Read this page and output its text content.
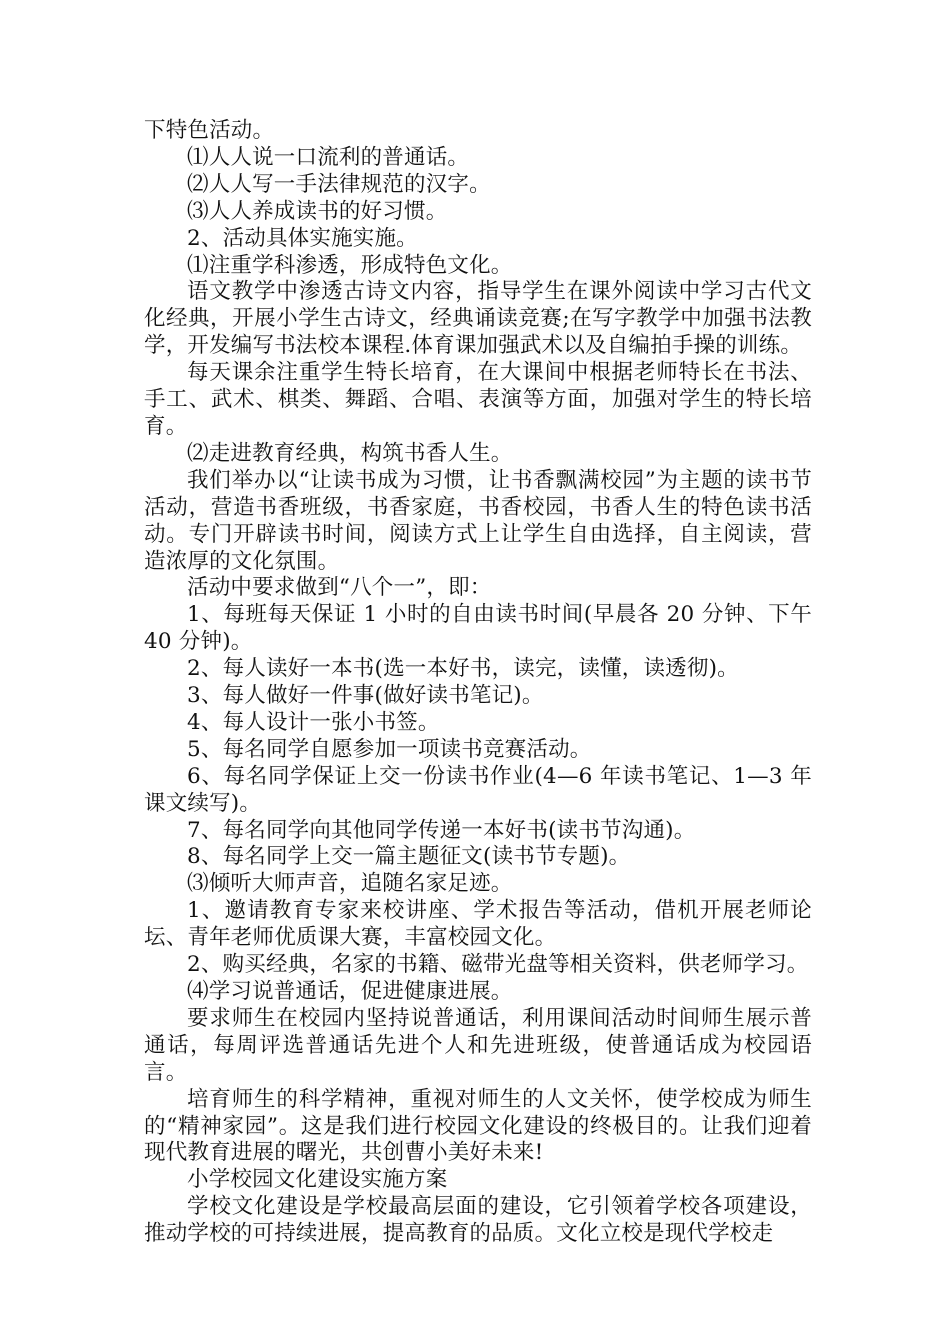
下特色活动。

⑴人人说一口流利的普通话。

⑵人人写一手法律规范的汉字。

⑶人人养成读书的好习惯。

2、活动具体实施实施。

⑴注重学科渗透，形成特色文化。

语文教学中渗透古诗文内容，指导学生在课外阅读中学习古代文化经典，开展小学生古诗文，经典诵读竞赛;在写字教学中加强书法教学，开发编写书法校本课程.体育课加强武术以及自编拍手操的训练。

每天课余注重学生特长培育，在大课间中根据老师特长在书法、手工、武术、棋类、舞蹈、合唱、表演等方面，加强对学生的特长培育。

⑵走进教育经典，构筑书香人生。

我们举办以“让读书成为习惯，让书香飘满校园”为主题的读书节活动，营造书香班级，书香家庭，书香校园，书香人生的特色读书活动。专门开辟读书时间，阅读方式上让学生自由选择，自主阅读，营造浓厚的文化氛围。

活动中要求做到“八个一”，即：

1、每班每天保证 1 小时的自由读书时间(早晨各 20 分钟、下午 40 分钟)。

2、每人读好一本书(选一本好书，读完，读懂，读透彻)。

3、每人做好一件事(做好读书笔记)。

4、每人设计一张小书签。

5、每名同学自愿参加一项读书竞赛活动。

6、每名同学保证上交一份读书作业(4—6 年读书笔记、1—3 年课文续写)。

7、每名同学向其他同学传递一本好书(读书节沟通)。

8、每名同学上交一篇主题征文(读书节专题)。

⑶倾听大师声音，追随名家足迹。

1、邀请教育专家来校讲座、学术报告等活动，借机开展老师论坛、青年老师优质课大赛，丰富校园文化。

2、购买经典，名家的书籍、磁带光盘等相关资料，供老师学习。

⑷学习说普通话，促进健康进展。

要求师生在校园内坚持说普通话，利用课间活动时间师生展示普通话，每周评选普通话先进个人和先进班级，使普通话成为校园语言。

培育师生的科学精神，重视对师生的人文关怀，使学校成为师生的“精神家园”。这是我们进行校园文化建设的终极目的。让我们迎着现代教育进展的曙光，共创曹小美好未来!

小学校园文化建设实施方案

学校文化建设是学校最高层面的建设，它引领着学校各项建设，推动学校的可持续进展，提高教育的品质。文化立校是现代学校走
